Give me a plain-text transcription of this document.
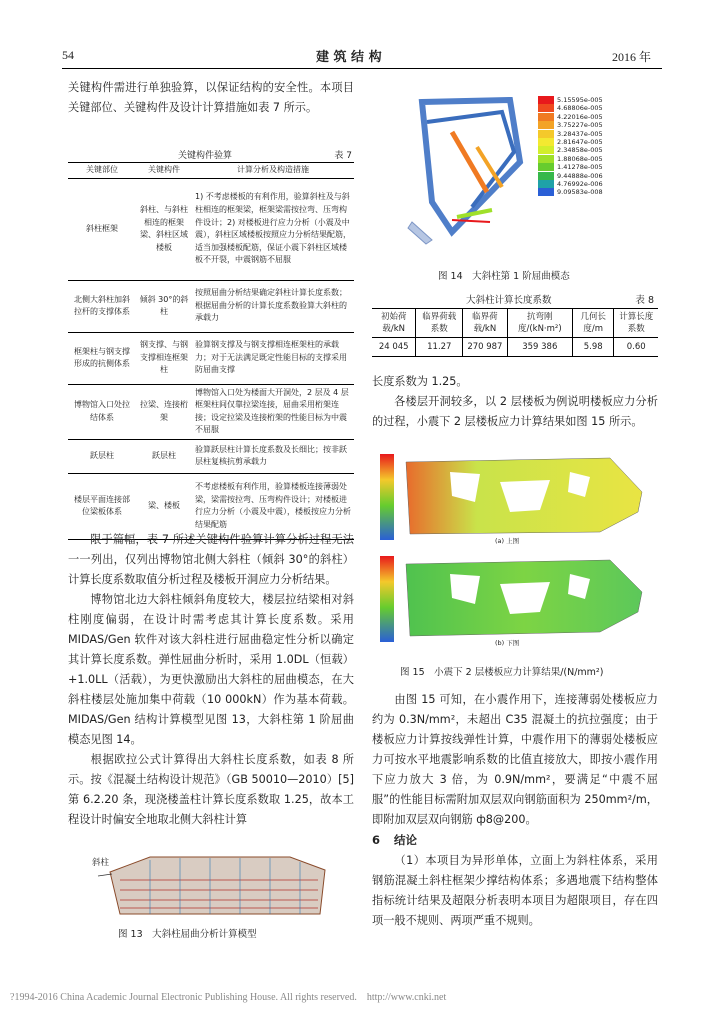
54	建 筑 结 构	2016 年
关键构件需进行单独验算，以保证结构的安全性。本项目关键部位、关键构件及设计计算措施如表 7 所示。
关键构件验算	表 7
关键部位	关键构件	计算分析及构造措施
斜柱框架	斜柱、与斜柱相连的框架梁、斜柱区域楼板	1) 不考虑楼板的有利作用，验算斜柱及与斜柱相连的框架梁，框架梁需按拉弯、压弯构件设计；2) 对楼板进行应力分析（小震及中震），斜柱区域楼板按照应力分析结果配筋，适当加强楼板配筋，保证小震下斜柱区域楼板不开裂，中震钢筋不屈服
北侧大斜柱加斜拉杆的支撑体系	倾斜 30°的斜柱	按照屈曲分析结果确定斜柱计算长度系数；根据屈曲分析的计算长度系数验算大斜柱的承载力
框架柱与钢支撑形成的抗侧体系	钢支撑、与钢支撑相连框架柱	验算钢支撑及与钢支撑相连框架柱的承载力；对于无法满足既定性能目标的支撑采用防屈曲支撑
博物馆入口处拉结体系	拉梁、连接桁架	博物馆入口处为楼面大开洞处，2 层及 4 层框架柱间仅靠拉梁连接，屈曲采用桁架连接；设定拉梁及连接桁架的性能目标为中震不屈服
跃层柱	跃层柱	验算跃层柱计算长度系数及长细比；按非跃层柱复核抗剪承载力
楼层平面连接部位梁板体系	梁、楼板	不考虑楼板有利作用，验算楼板连接薄弱处梁，梁需按拉弯、压弯构件设计；对楼板进行应力分析（小震及中震），楼板按应力分析结果配筋
限于篇幅，表 7 所述关键构件验算计算分析过程无法一一列出，仅列出博物馆北侧大斜柱（倾斜 30°的斜柱）计算长度系数取值分析过程及楼板开洞应力分析结果。
博物馆北边大斜柱倾斜角度较大，楼层拉结梁相对斜柱刚度偏弱，在设计时需考虑其计算长度系数。采用 MIDAS/Gen 软件对该大斜柱进行屈曲稳定性分析以确定其计算长度系数。弹性屈曲分析时，采用 1.0DL（恒载）+1.0LL（活载），为更快激励出大斜柱的屈曲模态，在大斜柱楼层处施加集中荷载（10 000kN）作为基本荷载。MIDAS/Gen 结构计算模型见图 13，大斜柱第 1 阶屈曲模态见图 14。
根据欧拉公式计算得出大斜柱长度系数，如表 8 所示。按《混凝土结构设计规范》（GB 50010—2010）[5]第 6.2.20 条，现浇楼盖柱计算长度系数取 1.25，故本工程设计时偏安全地取北侧大斜柱计算
斜柱
图 13　大斜柱屈曲分析计算模型
5.15595e-005
4.68806e-005
4.22016e-005
3.75227e-005
3.28437e-005
2.81647e-005
2.34858e-005
1.88068e-005
1.41278e-005
9.44888e-006
4.76992e-006
9.09583e-008
图 14　大斜柱第 1 阶屈曲模态
大斜柱计算长度系数	表 8
初始荷载/kN	临界荷载系数	临界荷载/kN	抗弯刚度/(kN·m²)	几何长度/m	计算长度系数
24 045	11.27	270 987	359 386	5.98	0.60
长度系数为 1.25。
各楼层开洞较多，以 2 层楼板为例说明楼板应力分析的过程，小震下 2 层楼板应力计算结果如图 15 所示。
(a) 上图
(b) 下图
图 15　小震下 2 层楼板应力计算结果/(N/mm²)
由图 15 可知，在小震作用下，连接薄弱处楼板应力约为 0.3N/mm²，未超出 C35 混凝土的抗拉强度；由于楼板应力计算按线弹性计算，中震作用下的薄弱处楼板应力可按水平地震影响系数的比值直接放大，即按小震作用下应力放大 3 倍，为 0.9N/mm²，要满足“中震不屈服”的性能目标需附加双层双向钢筋面积为 250mm²/m，即附加双层双向钢筋 ф8@200。
6 结论
（1）本项目为异形单体，立面上为斜柱体系，采用钢筋混凝土斜柱框架少撑结构体系；多遇地震下结构整体指标统计结果及超限分析表明本项目为超限项目，存在四项一般不规则、两项严重不规则。
?1994-2016 China Academic Journal Electronic Publishing House. All rights reserved.    http://www.cnki.net
